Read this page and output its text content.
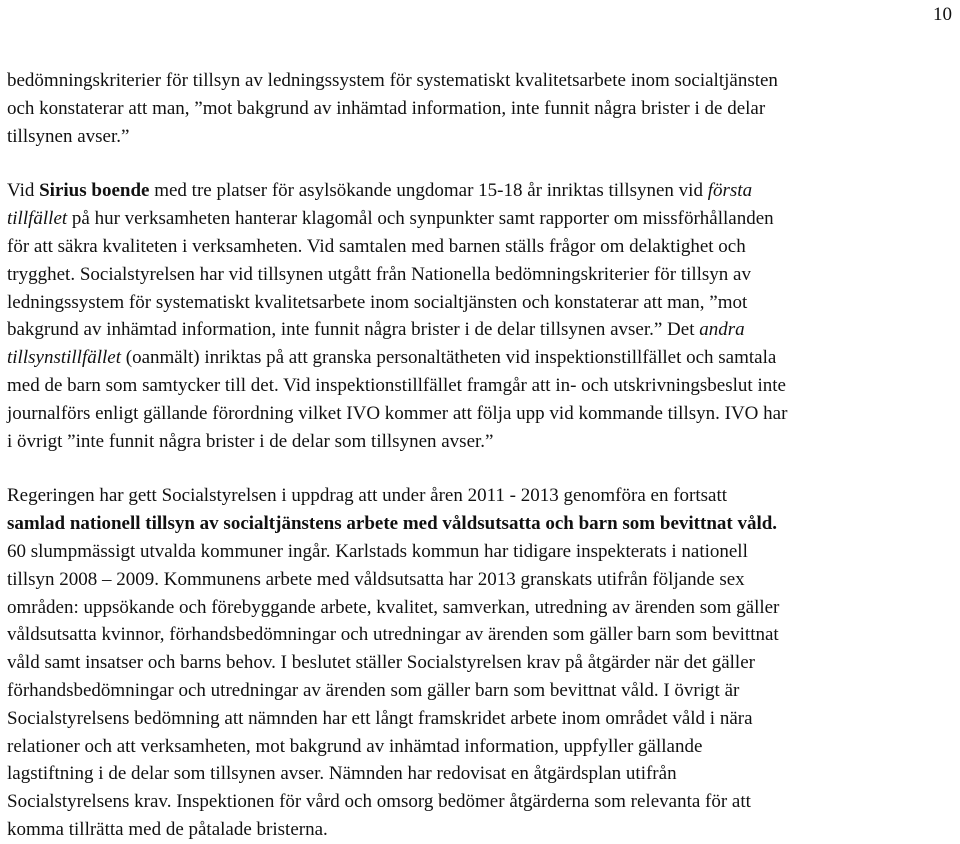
10

bedömningskriterier för tillsyn av ledningssystem för systematiskt kvalitetsarbete inom socialtjänsten
och konstaterar att man, ”mot bakgrund av inhämtad information, inte funnit några brister i de delar
tillsynen avser.”

Vid Sirius boende med tre platser för asylsökande ungdomar 15-18 år inriktas tillsynen vid första
tillfället på hur verksamheten hanterar klagomål och synpunkter samt rapporter om missförhållanden
för att säkra kvaliteten i verksamheten. Vid samtalen med barnen ställs frågor om delaktighet och
trygghet. Socialstyrelsen har vid tillsynen utgått från Nationella bedömningskriterier för tillsyn av
ledningssystem för systematiskt kvalitetsarbete inom socialtjänsten och konstaterar att man, ”mot
bakgrund av inhämtad information, inte funnit några brister i de delar tillsynen avser.” Det andra
tillsynstillfället (oanmält) inriktas på att granska personaltätheten vid inspektionstillfället och samtala
med de barn som samtycker till det. Vid inspektionstillfället framgår att in- och utskrivningsbeslut inte
journalförs enligt gällande förordning vilket IVO kommer att följa upp vid kommande tillsyn. IVO har
i övrigt ”inte funnit några brister i de delar som tillsynen avser.”

Regeringen har gett Socialstyrelsen i uppdrag att under åren 2011 - 2013 genomföra en fortsatt
samlad nationell tillsyn av socialtjänstens arbete med våldsutsatta och barn som bevittnat våld.
60 slumpmässigt utvalda kommuner ingår. Karlstads kommun har tidigare inspekterats i nationell
tillsyn 2008 – 2009. Kommunens arbete med våldsutsatta har 2013 granskats utifrån följande sex
områden: uppsökande och förebyggande arbete, kvalitet, samverkan, utredning av ärenden som gäller
våldsutsatta kvinnor, förhandsbedömningar och utredningar av ärenden som gäller barn som bevittnat
våld samt insatser och barns behov. I beslutet ställer Socialstyrelsen krav på åtgärder när det gäller
förhandsbedömningar och utredningar av ärenden som gäller barn som bevittnat våld. I övrigt är
Socialstyrelsens bedömning att nämnden har ett långt framskridet arbete inom området våld i nära
relationer och att verksamheten, mot bakgrund av inhämtad information, uppfyller gällande
lagstiftning i de delar som tillsynen avser. Nämnden har redovisat en åtgärdsplan utifrån
Socialstyrelsens krav. Inspektionen för vård och omsorg bedömer åtgärderna som relevanta för att
komma tillrätta med de påtalade bristerna.
